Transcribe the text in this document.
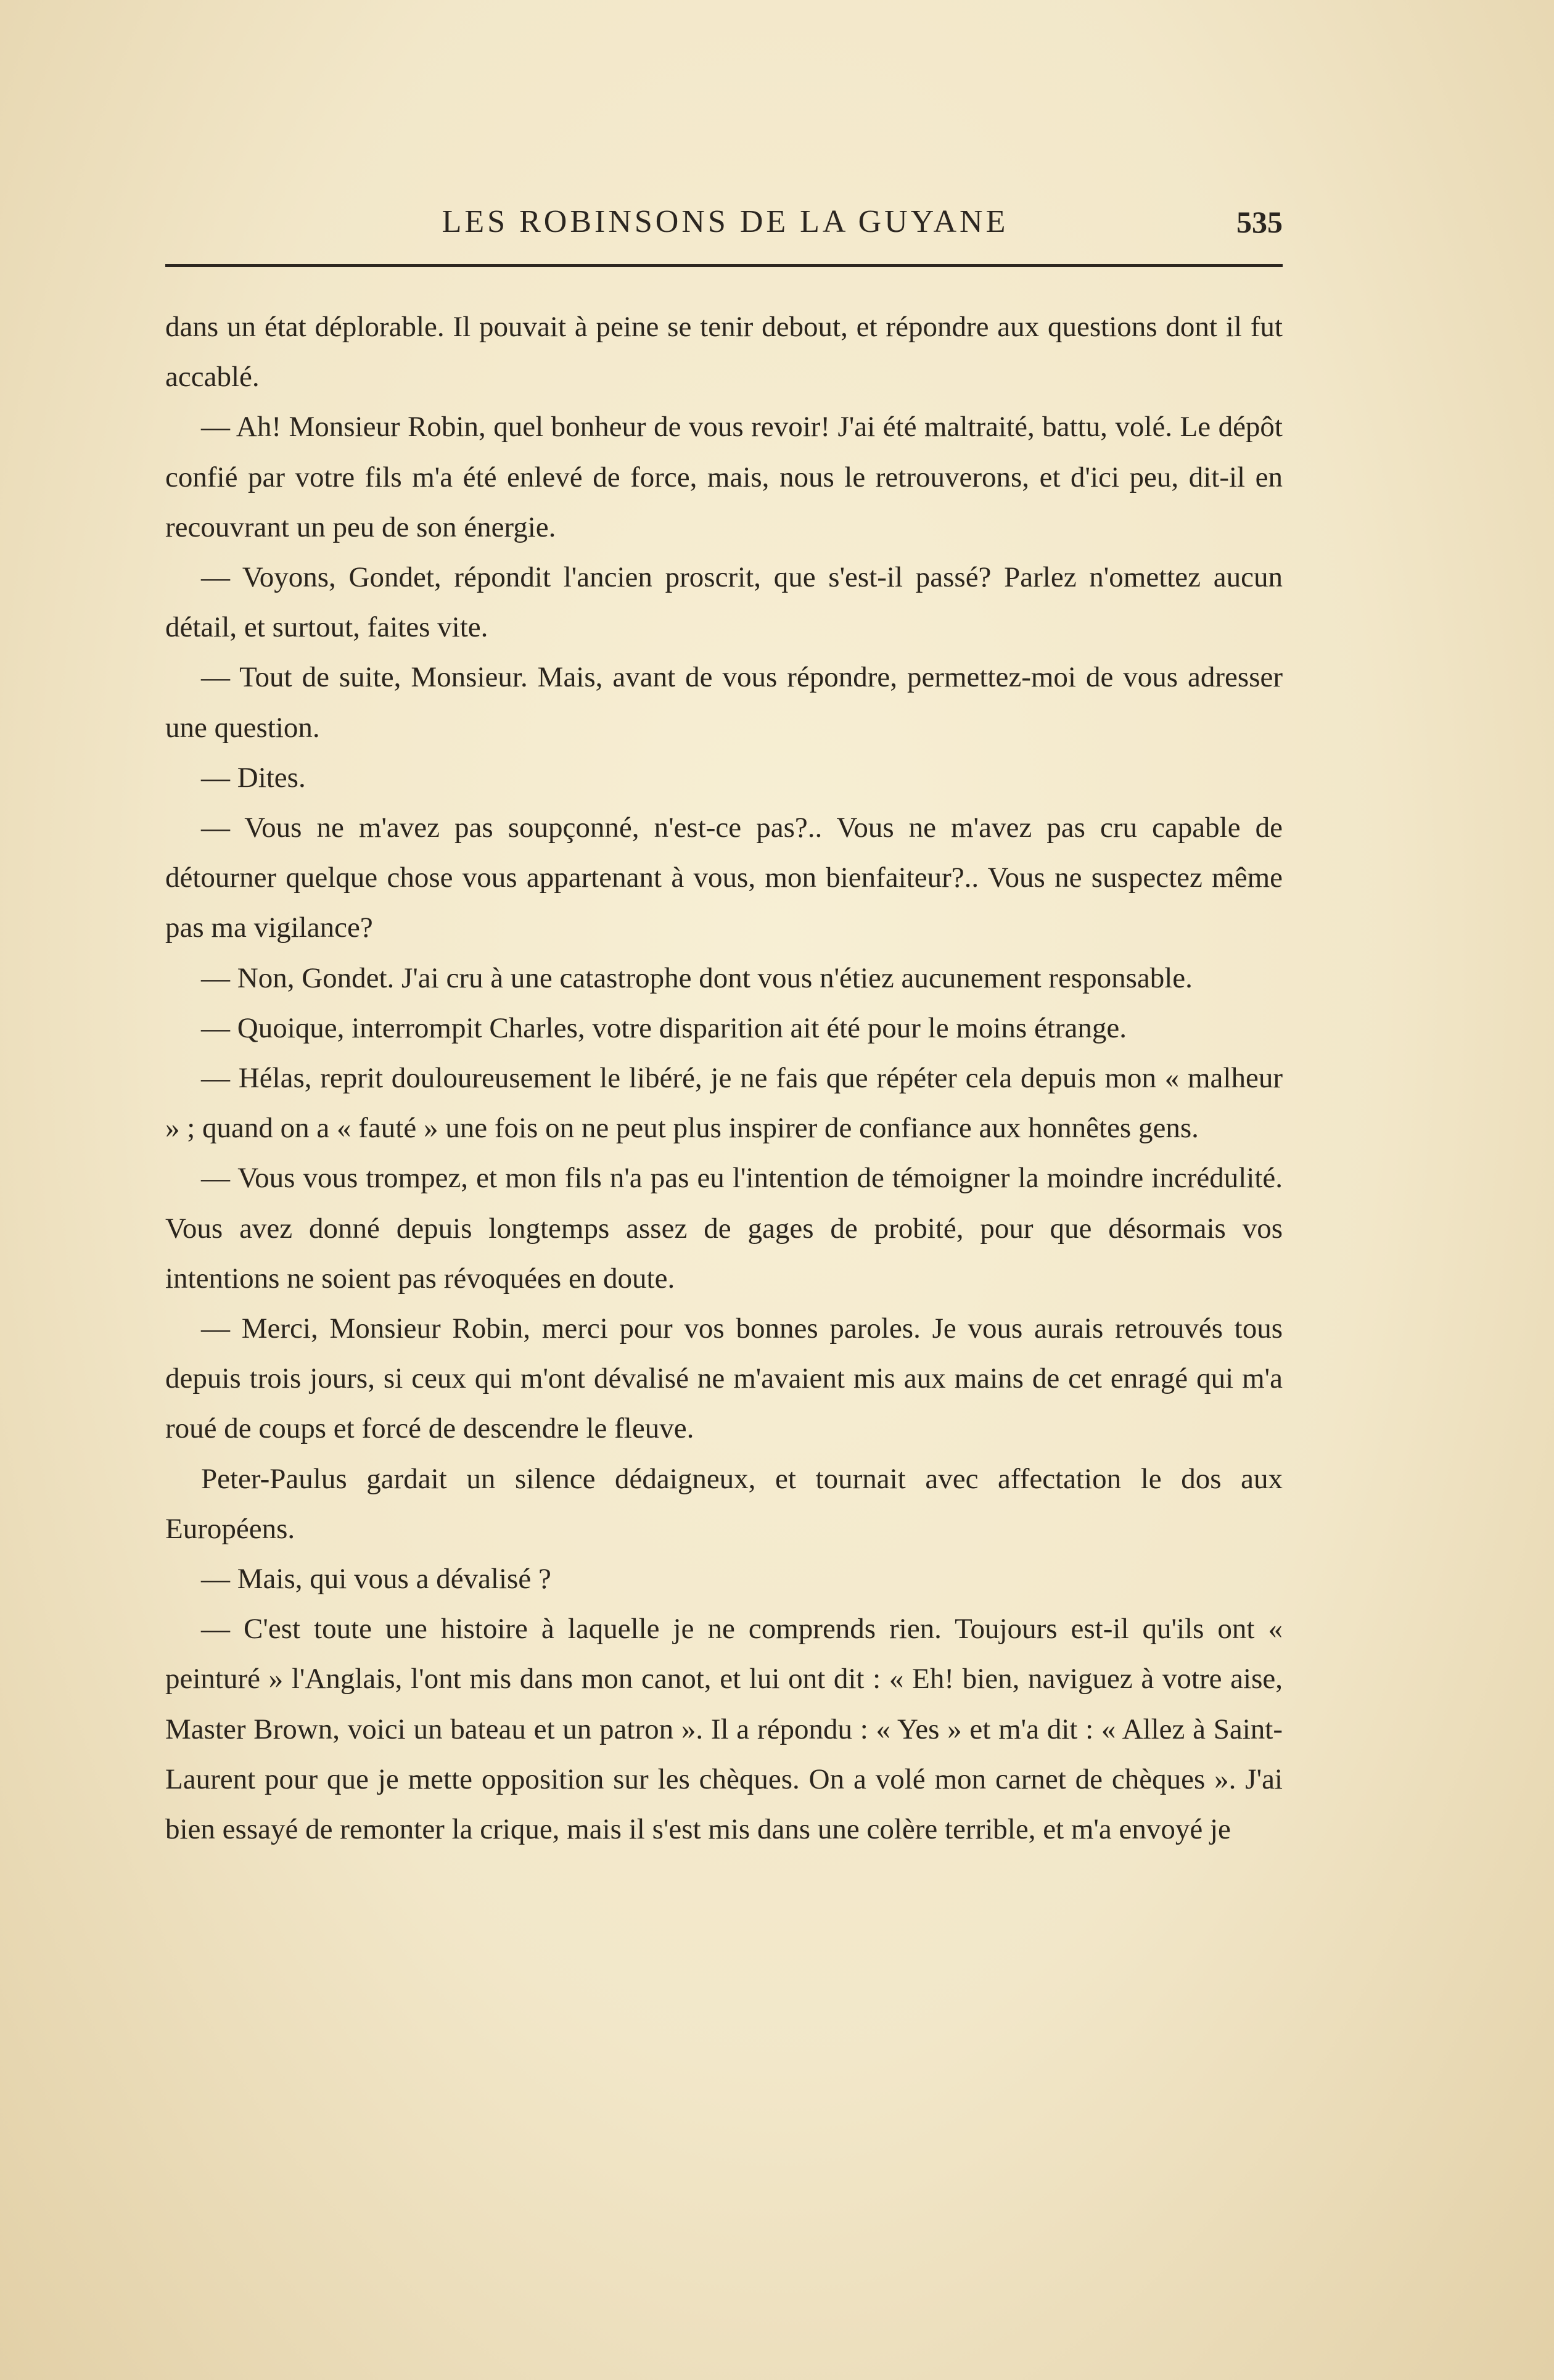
LES ROBINSONS DE LA GUYANE	535

dans un état déplorable. Il pouvait à peine se tenir debout, et répondre aux questions dont il fut accablé.

— Ah! Monsieur Robin, quel bonheur de vous revoir! J'ai été maltraité, battu, volé. Le dépôt confié par votre fils m'a été enlevé de force, mais, nous le retrouverons, et d'ici peu, dit-il en recouvrant un peu de son énergie.

— Voyons, Gondet, répondit l'ancien proscrit, que s'est-il passé? Parlez n'omettez aucun détail, et surtout, faites vite.

— Tout de suite, Monsieur. Mais, avant de vous répondre, permettez-moi de vous adresser une question.

— Dites.

— Vous ne m'avez pas soupçonné, n'est-ce pas?.. Vous ne m'avez pas cru capable de détourner quelque chose vous appartenant à vous, mon bienfaiteur?.. Vous ne suspectez même pas ma vigilance?

— Non, Gondet. J'ai cru à une catastrophe dont vous n'étiez aucunement responsable.

— Quoique, interrompit Charles, votre disparition ait été pour le moins étrange.

— Hélas, reprit douloureusement le libéré, je ne fais que répéter cela depuis mon « malheur » ; quand on a « fauté » une fois on ne peut plus inspirer de confiance aux honnêtes gens.

— Vous vous trompez, et mon fils n'a pas eu l'intention de témoigner la moindre incrédulité. Vous avez donné depuis longtemps assez de gages de probité, pour que désormais vos intentions ne soient pas révoquées en doute.

— Merci, Monsieur Robin, merci pour vos bonnes paroles. Je vous aurais retrouvés tous depuis trois jours, si ceux qui m'ont dévalisé ne m'avaient mis aux mains de cet enragé qui m'a roué de coups et forcé de descendre le fleuve.

Peter-Paulus gardait un silence dédaigneux, et tournait avec affectation le dos aux Européens.

— Mais, qui vous a dévalisé ?

— C'est toute une histoire à laquelle je ne comprends rien. Toujours est-il qu'ils ont « peinturé » l'Anglais, l'ont mis dans mon canot, et lui ont dit : « Eh! bien, naviguez à votre aise, Master Brown, voici un bateau et un patron ». Il a répondu : « Yes » et m'a dit : « Allez à Saint-Laurent pour que je mette opposition sur les chèques. On a volé mon carnet de chèques ». J'ai bien essayé de remonter la crique, mais il s'est mis dans une colère terrible, et m'a envoyé je
